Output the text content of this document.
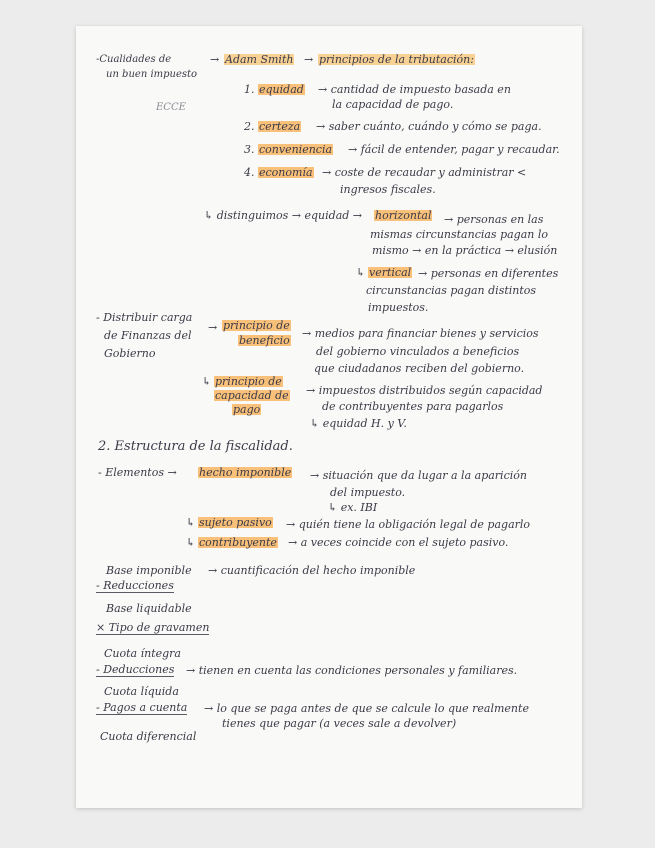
-Cualidades de
un buen impuesto
→ Adam Smith → principios de la tributación:
ECCE
1. equidad → cantidad de impuesto basada en
la capacidad de pago.
2. certeza → saber cuánto, cuándo y cómo se paga.
3. conveniencia → fácil de entender, pagar y recaudar.
4. economía → coste de recaudar y administrar <
ingresos fiscales.
↳ distinguimos → equidad → horizontal → personas en las
mismas circunstancias pagan lo
mismo → en la práctica → elusión
↳ vertical → personas en diferentes
circunstancias pagan distintos
impuestos.
- Distribuir carga
de Finanzas del
Gobierno
→ principio de
beneficio
→ medios para financiar bienes y servicios
del gobierno vinculados a beneficios
que ciudadanos reciben del gobierno.
↳ principio de
capacidad de
pago
→ impuestos distribuidos según capacidad
de contribuyentes para pagarlos
↳ equidad H. y V.
2. Estructura de la fiscalidad.
- Elementos → hecho imponible → situación que da lugar a la aparición
del impuesto.
↳ ex. IBI
↳ sujeto pasivo → quién tiene la obligación legal de pagarlo
↳ contribuyente → a veces coincide con el sujeto pasivo.
Base imponible → cuantificación del hecho imponible
- Reducciones
Base liquidable
× Tipo de gravamen
Cuota íntegra
- Deducciones → tienen en cuenta las condiciones personales y familiares.
Cuota líquida
- Pagos a cuenta → lo que se paga antes de que se calcule lo que realmente
tienes que pagar (a veces sale a devolver)
Cuota diferencial
